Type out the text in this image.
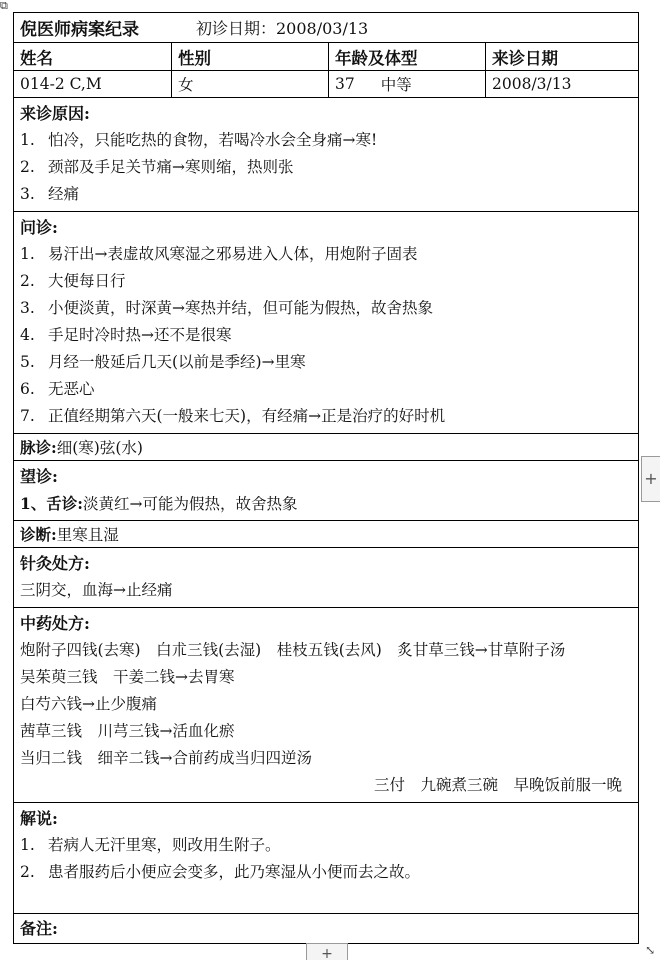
⧉
倪医师病案纪录	初诊日期：2008/03/13
姓名	性别	年龄及体型	来诊日期
014-2 C,M	女	37 中等	2008/3/13
来诊原因:
1. 怕冷，只能吃热的食物，若喝冷水会全身痛→寒!
2. 颈部及手足关节痛→寒则缩，热则张
3. 经痛
问诊:
1. 易汗出→表虚故风寒湿之邪易进入人体，用炮附子固表
2. 大便每日行
3. 小便淡黄，时深黄→寒热并结，但可能为假热，故舍热象
4. 手足时冷时热→还不是很寒
5. 月经一般延后几天(以前是季经)→里寒
6. 无恶心
7. 正值经期第六天(一般来七天)，有经痛→正是治疗的好时机
脉诊:细(寒)弦(水)
望诊:
1、舌诊:淡黄红→可能为假热，故舍热象
诊断:里寒且湿
针灸处方:
三阴交，血海→止经痛
中药处方:
炮附子四钱(去寒)　白朮三钱(去湿)　桂枝五钱(去风)　炙甘草三钱→甘草附子汤
吴茱萸三钱　干姜二钱→去胃寒
白芍六钱→止少腹痛
茜草三钱　川芎三钱→活血化瘀
当归二钱　细辛二钱→合前药成当归四逆汤
三付　九碗煮三碗　早晚饭前服一晚
解说:
1. 若病人无汗里寒，则改用生附子。
2. 患者服药后小便应会变多，此乃寒湿从小便而去之故。
备注:
+
+	⤡
